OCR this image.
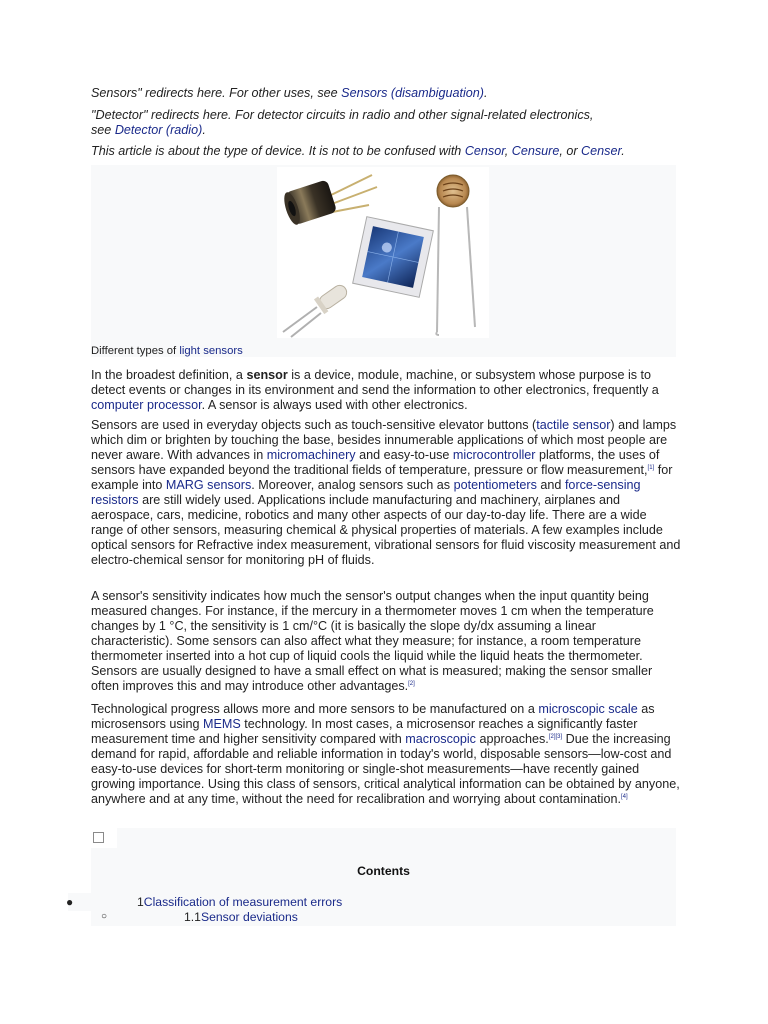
Sensors" redirects here. For other uses, see Sensors (disambiguation).

"Detector" redirects here. For detector circuits in radio and other signal-related electronics,
see Detector (radio).

This article is about the type of device. It is not to be confused with Censor, Censure, or Censer.

Different types of light sensors

In the broadest definition, a sensor is a device, module, machine, or subsystem whose purpose is to detect events or changes in its environment and send the information to other electronics, frequently a computer processor. A sensor is always used with other electronics.

Sensors are used in everyday objects such as touch-sensitive elevator buttons (tactile sensor) and lamps which dim or brighten by touching the base, besides innumerable applications of which most people are never aware. With advances in micromachinery and easy-to-use microcontroller platforms, the uses of sensors have expanded beyond the traditional fields of temperature, pressure or flow measurement,[1] for example into MARG sensors. Moreover, analog sensors such as potentiometers and force-sensing resistors are still widely used. Applications include manufacturing and machinery, airplanes and aerospace, cars, medicine, robotics and many other aspects of our day-to-day life. There are a wide range of other sensors, measuring chemical & physical properties of materials. A few examples include optical sensors for Refractive index measurement, vibrational sensors for fluid viscosity measurement and electro-chemical sensor for monitoring pH of fluids.

A sensor's sensitivity indicates how much the sensor's output changes when the input quantity being measured changes. For instance, if the mercury in a thermometer moves 1 cm when the temperature changes by 1 °C, the sensitivity is 1 cm/°C (it is basically the slope dy/dx assuming a linear characteristic). Some sensors can also affect what they measure; for instance, a room temperature thermometer inserted into a hot cup of liquid cools the liquid while the liquid heats the thermometer. Sensors are usually designed to have a small effect on what is measured; making the sensor smaller often improves this and may introduce other advantages.[2]

Technological progress allows more and more sensors to be manufactured on a microscopic scale as microsensors using MEMS technology. In most cases, a microsensor reaches a significantly faster measurement time and higher sensitivity compared with macroscopic approaches.[2][3] Due the increasing demand for rapid, affordable and reliable information in today's world, disposable sensors—low-cost and easy-to-use devices for short-term monitoring or single-shot measurements—have recently gained growing importance. Using this class of sensors, critical analytical information can be obtained by anyone, anywhere and at any time, without the need for recalibration and worrying about contamination.[4]

Contents
●	1Classification of measurement errors
○	1.1Sensor deviations
